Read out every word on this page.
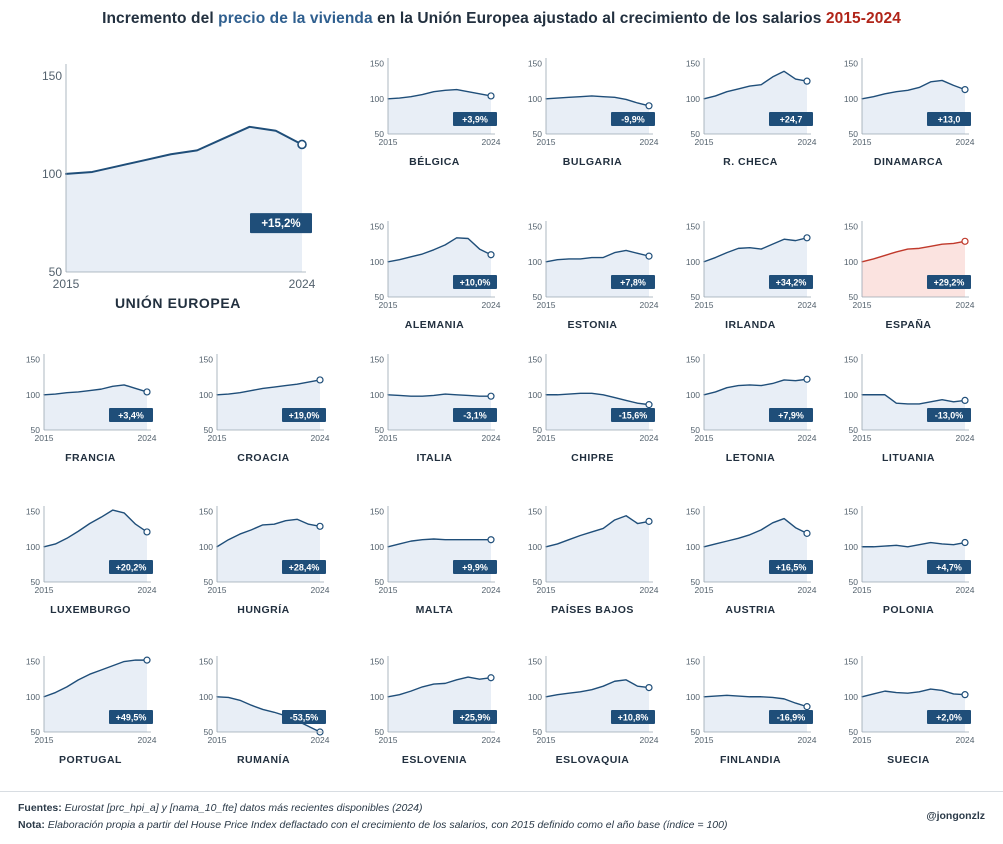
Incremento del precio de la vivienda en la Unión Europea ajustado al crecimiento de los salarios 2015-2024
150
100
50
2015	2024
+15,2%
UNIÓN EUROPEA
150
100
50
2015	2024
+3,9%
BÉLGICA
150
100
50
2015	2024
-9,9%
BULGARIA
150
100
50
2015	2024
+24,7
R. CHECA
150
100
50
2015	2024
+13,0
DINAMARCA
150
100
50
2015	2024
+10,0%
ALEMANIA
150
100
50
2015	2024
+7,8%
ESTONIA
150
100
50
2015	2024
+34,2%
IRLANDA
150
100
50
2015	2024
+29,2%
ESPAÑA
150
100
50
2015	2024
+3,4%
FRANCIA
150
100
50
2015	2024
+19,0%
CROACIA
150
100
50
2015	2024
-3,1%
ITALIA
150
100
50
2015	2024
-15,6%
CHIPRE
150
100
50
2015	2024
+7,9%
LETONIA
150
100
50
2015	2024
-13,0%
LITUANIA
150
100
50
2015	2024
+20,2%
LUXEMBURGO
150
100
50
2015	2024
+28,4%
HUNGRÍA
150
100
50
2015	2024
+9,9%
MALTA
150
100
50
2015	2024
PAÍSES BAJOS
150
100
50
2015	2024
+16,5%
AUSTRIA
150
100
50
2015	2024
+4,7%
POLONIA
150
100
50
2015	2024
+49,5%
PORTUGAL
150
100
50
2015	2024
-53,5%
RUMANÍA
150
100
50
2015	2024
+25,9%
ESLOVENIA
150
100
50
2015	2024
+10,8%
ESLOVAQUIA
150
100
50
2015	2024
-16,9%
FINLANDIA
150
100
50
2015	2024
+2,0%
SUECIA
Fuentes: Eurostat [prc_hpi_a] y [nama_10_fte] datos más recientes disponibles (2024)
Nota: Elaboración propia a partir del House Price Index deflactado con el crecimiento de los salarios, con 2015 definido como el año base (índice = 100)
@jongonzlz
